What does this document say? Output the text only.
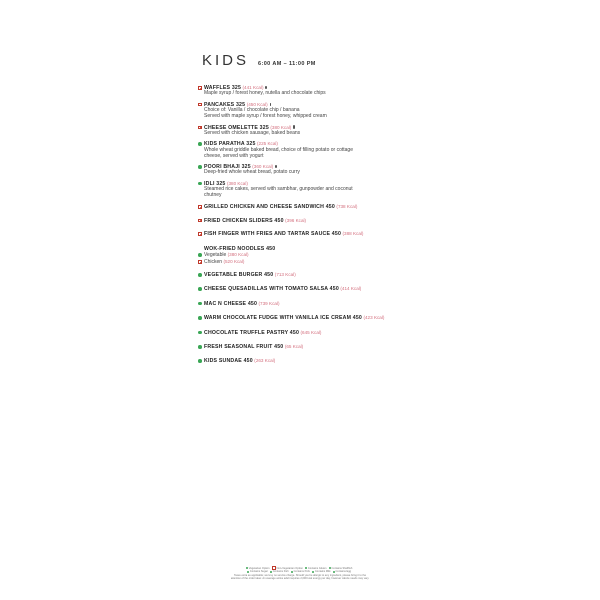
KIDS 6:00 AM – 11:00 PM
WAFFLES 325 (441 Kcal)
Maple syrup / forest honey, nutella and chocolate chips
PANCAKES 325 (450 Kcal)
Choice of: Vanilla / chocolate chip / banana
Served with maple syrup / forest honey, whipped cream
CHEESE OMELETTE 325 (380 Kcal)
Served with chicken sausage, baked beans
KIDS PARATHA 325 (225 Kcal)
Whole wheat griddle baked bread, choice of filling potato or cottage
cheese, served with yogurt
POORI BHAJI 325 (360 Kcal)
Deep-fried whole wheat bread, potato curry
IDLI 325 (380 Kcal)
Steamed rice cakes, served with sambhar, gunpowder and coconut
chutney
GRILLED CHICKEN AND CHEESE SANDWICH 450 (738 Kcal)
FRIED CHICKEN SLIDERS 450 (396 Kcal)
FISH FINGER WITH FRIES AND TARTAR SAUCE 450 (388 Kcal)
WOK-FRIED NOODLES 450
Vegetable (380 Kcal)
Chicken (520 Kcal)
VEGETABLE BURGER 450 (713 Kcal)
CHEESE QUESADILLAS WITH TOMATO SALSA 450 (414 Kcal)
MAC N CHEESE 450 (739 Kcal)
WARM CHOCOLATE FUDGE WITH VANILLA ICE CREAM 450 (423 Kcal)
CHOCOLATE TRUFFLE PASTRY 450 (645 Kcal)
FRESH SEASONAL FRUIT 450 (65 Kcal)
KIDS SUNDAE 450 (263 Kcal)
Vegetarian Option	Non-Vegetarian Option Contains Gluten Contains Shellfish
Contains Sugar Contains Fish Contains Pork Contains Milk Contains Egg
Taxes extra as applicable; we levy no service charge. Should you be allergic to any ingredient, please bring it to the
attention of the order taker. An average active adult requires 2,000 kcal energy per day, however calorie needs may vary.
